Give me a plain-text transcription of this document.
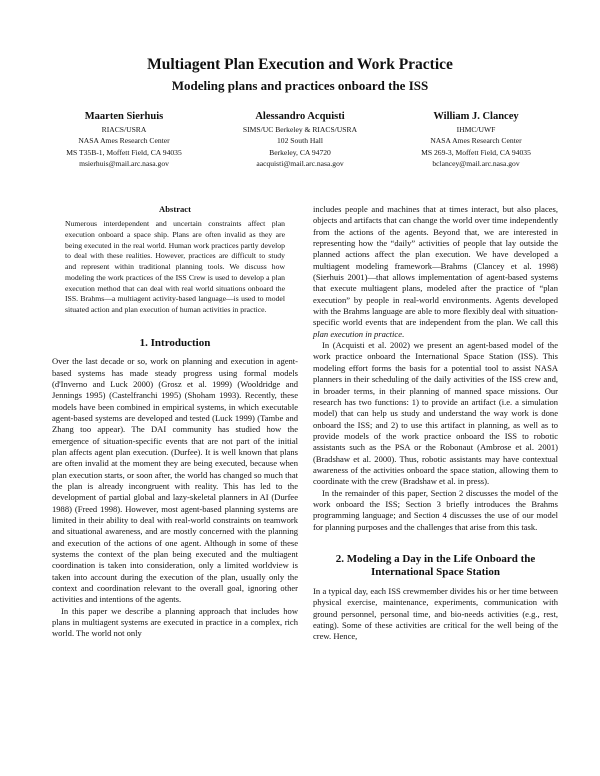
Multiagent Plan Execution and Work Practice
Modeling plans and practices onboard the ISS
Maarten Sierhuis
RIACS/USRA
NASA Ames Research Center
MS T35B-1, Moffett Field, CA 94035
msierhuis@mail.arc.nasa.gov
Alessandro Acquisti
SIMS/UC Berkeley & RIACS/USRA
102 South Hall
Berkeley, CA 94720
aacquisti@mail.arc.nasa.gov
William J. Clancey
IHMC/UWF
NASA Ames Research Center
MS 269-3, Moffett Field, CA 94035
bclancey@mail.arc.nasa.gov

Abstract

Numerous interdependent and uncertain constraints affect plan execution onboard a space ship. Plans are often invalid as they are being executed in the real world. Human work practices partly develop to deal with these realities. However, practices are difficult to study and represent within traditional planning tools. We discuss how modeling the work practices of the ISS Crew is used to develop a plan execution method that can deal with real world situations onboard the ISS. Brahms—a multiagent activity-based language—is used to model situated action and plan execution of human activities in practice.

1. Introduction

Over the last decade or so, work on planning and execution in agent-based systems has made steady progress using formal models (d'Inverno and Luck 2000) (Grosz et al. 1999) (Wooldridge and Jennings 1995) (Castelfranchi 1995) (Shoham 1993). Recently, these models have been combined in empirical systems, in which executable agent-based systems are developed and tested (Luck 1999) (Tambe and Zhang too appear). The DAI community has studied how the emergence of situation-specific events that are not part of the initial plan affects agent plan execution. (Durfee). It is well known that plans are often invalid at the moment they are being executed, because when plan execution starts, or soon after, the world has changed so much that the plan is already incongruent with reality. This has led to the development of partial global and lazy-skeletal planners in AI (Durfee 1988) (Freed 1998). However, most agent-based planning systems are limited in their ability to deal with real-world constraints on teamwork and situational awareness, and are mostly concerned with the planning and execution of the actions of one agent. Although in some of these systems the context of the plan being executed and the multiagent coordination is taken into consideration, only a limited worldview is taken into account during the execution of the plan, usually only the context and coordination relevant to the overall goal, ignoring other activities and intentions of the agents.

In this paper we describe a planning approach that includes how plans in multiagent systems are executed in practice in a complex, rich world. The world not only

includes people and machines that at times interact, but also places, objects and artifacts that can change the world over time independently from the actions of the agents. Beyond that, we are interested in representing how the “daily” activities of people that lay outside the planned actions affect the plan execution. We have developed a multiagent modeling framework—Brahms (Clancey et al. 1998) (Sierhuis 2001)—that allows implementation of agent-based systems that execute multiagent plans, modeled after the practice of “plan execution” by people in real-world environments. Agents developed with the Brahms language are able to more flexibly deal with situation-specific world events that are independent from the plan. We call this plan execution in practice.

In (Acquisti et al. 2002) we present an agent-based model of the work practice onboard the International Space Station (ISS). This modeling effort forms the basis for a potential tool to assist NASA planners in their scheduling of the daily activities of the ISS crew and, in broader terms, in their planning of manned space missions. Our research has two functions: 1) to provide an artifact (i.e. a simulation model) that can help us study and understand the way work is done onboard the ISS; and 2) to use this artifact in planning, as well as to provide models of the work practice onboard the ISS to robotic assistants such as the PSA or the Robonaut (Ambrose et al. 2001) (Bradshaw et al. 2000). Thus, robotic assistants may have contextual awareness of the activities onboard the space station, allowing them to coordinate with the crew (Bradshaw et al. in press).

In the remainder of this paper, Section 2 discusses the model of the work onboard the ISS; Section 3 briefly introduces the Brahms programming language; and Section 4 discusses the use of our model for planning purposes and the challenges that arise from this task.

2. Modeling a Day in the Life Onboard the International Space Station

In a typical day, each ISS crewmember divides his or her time between physical exercise, maintenance, experiments, communication with ground personnel, personal time, and bio-needs activities (e.g., rest, eating). Some of these activities are critical for the well being of the crew. Hence,
